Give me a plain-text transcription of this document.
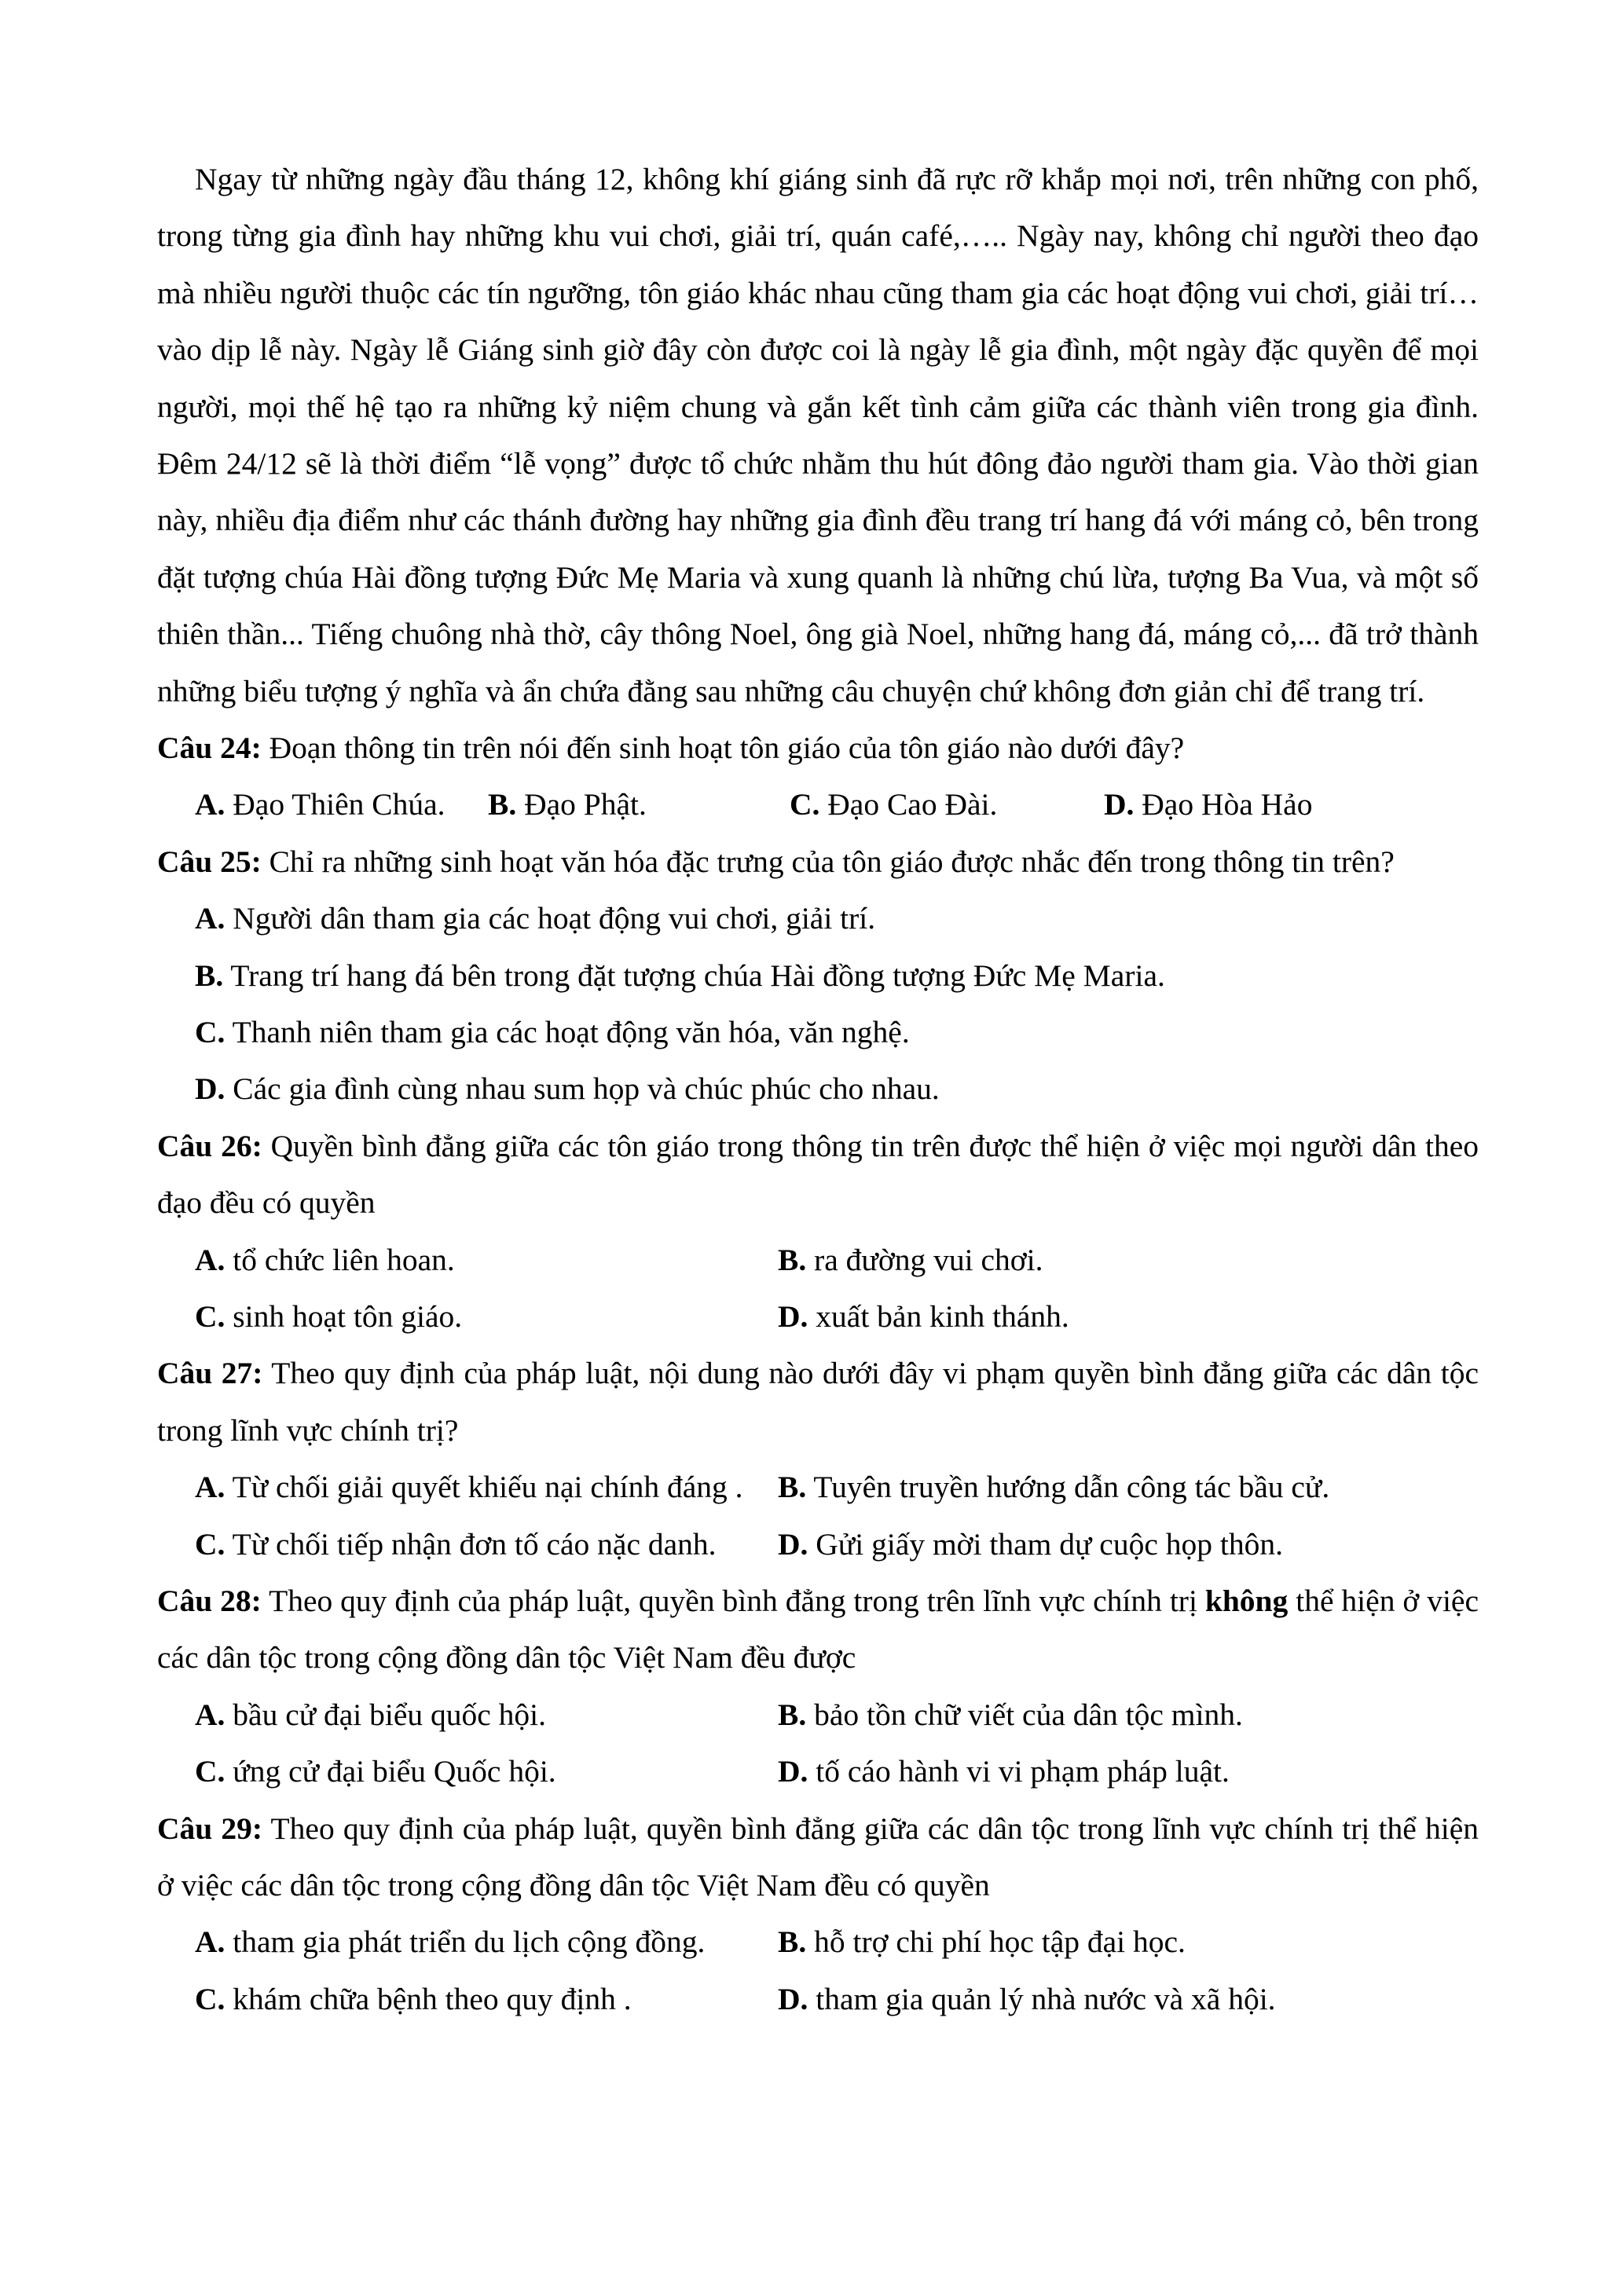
Ngay từ những ngày đầu tháng 12, không khí giáng sinh đã rực rỡ khắp mọi nơi, trên những con phố, trong từng gia đình hay những khu vui chơi, giải trí, quán café,….. Ngày nay, không chỉ người theo đạo mà nhiều người thuộc các tín ngưỡng, tôn giáo khác nhau cũng tham gia các hoạt động vui chơi, giải trí… vào dịp lễ này. Ngày lễ Giáng sinh giờ đây còn được coi là ngày lễ gia đình, một ngày đặc quyền để mọi người, mọi thế hệ tạo ra những kỷ niệm chung và gắn kết tình cảm giữa các thành viên trong gia đình. Đêm 24/12 sẽ là thời điểm “lễ vọng” được tổ chức nhằm thu hút đông đảo người tham gia. Vào thời gian này, nhiều địa điểm như các thánh đường hay những gia đình đều trang trí hang đá với máng cỏ, bên trong đặt tượng chúa Hài đồng tượng Đức Mẹ Maria và xung quanh là những chú lừa, tượng Ba Vua, và một số thiên thần... Tiếng chuông nhà thờ, cây thông Noel, ông già Noel, những hang đá, máng cỏ,... đã trở thành những biểu tượng ý nghĩa và ẩn chứa đằng sau những câu chuyện chứ không đơn giản chỉ để trang trí.

Câu 24: Đoạn thông tin trên nói đến sinh hoạt tôn giáo của tôn giáo nào dưới đây?

A. Đạo Thiên Chúa.	B. Đạo Phật.	C. Đạo Cao Đài.	D. Đạo Hòa Hảo

Câu 25: Chỉ ra những sinh hoạt văn hóa đặc trưng của tôn giáo được nhắc đến trong thông tin trên?

A. Người dân tham gia các hoạt động vui chơi, giải trí.
B. Trang trí hang đá bên trong đặt tượng chúa Hài đồng tượng Đức Mẹ Maria.
C. Thanh niên tham gia các hoạt động văn hóa, văn nghệ.
D. Các gia đình cùng nhau sum họp và chúc phúc cho nhau.

Câu 26: Quyền bình đẳng giữa các tôn giáo trong thông tin trên được thể hiện ở việc mọi người dân theo đạo đều có quyền

A. tổ chức liên hoan.	B. ra đường vui chơi.
C. sinh hoạt tôn giáo.	D. xuất bản kinh thánh.

Câu 27: Theo quy định của pháp luật, nội dung nào dưới đây vi phạm quyền bình đẳng giữa các dân tộc trong lĩnh vực chính trị?

A. Từ chối giải quyết khiếu nại chính đáng .	B. Tuyên truyền hướng dẫn công tác bầu cử.
C. Từ chối tiếp nhận đơn tố cáo nặc danh.	D. Gửi giấy mời tham dự cuộc họp thôn.

Câu 28: Theo quy định của pháp luật, quyền bình đẳng trong trên lĩnh vực chính trị không thể hiện ở việc các dân tộc trong cộng đồng dân tộc Việt Nam đều được

A. bầu cử đại biểu quốc hội.	B. bảo tồn chữ viết của dân tộc mình.
C. ứng cử đại biểu Quốc hội.	D. tố cáo hành vi vi phạm pháp luật.

Câu 29: Theo quy định của pháp luật, quyền bình đẳng giữa các dân tộc trong lĩnh vực chính trị thể hiện ở việc các dân tộc trong cộng đồng dân tộc Việt Nam đều có quyền

A. tham gia phát triển du lịch cộng đồng.	B. hỗ trợ chi phí học tập đại học.
C. khám chữa bệnh theo quy định .	D. tham gia quản lý nhà nước và xã hội.
